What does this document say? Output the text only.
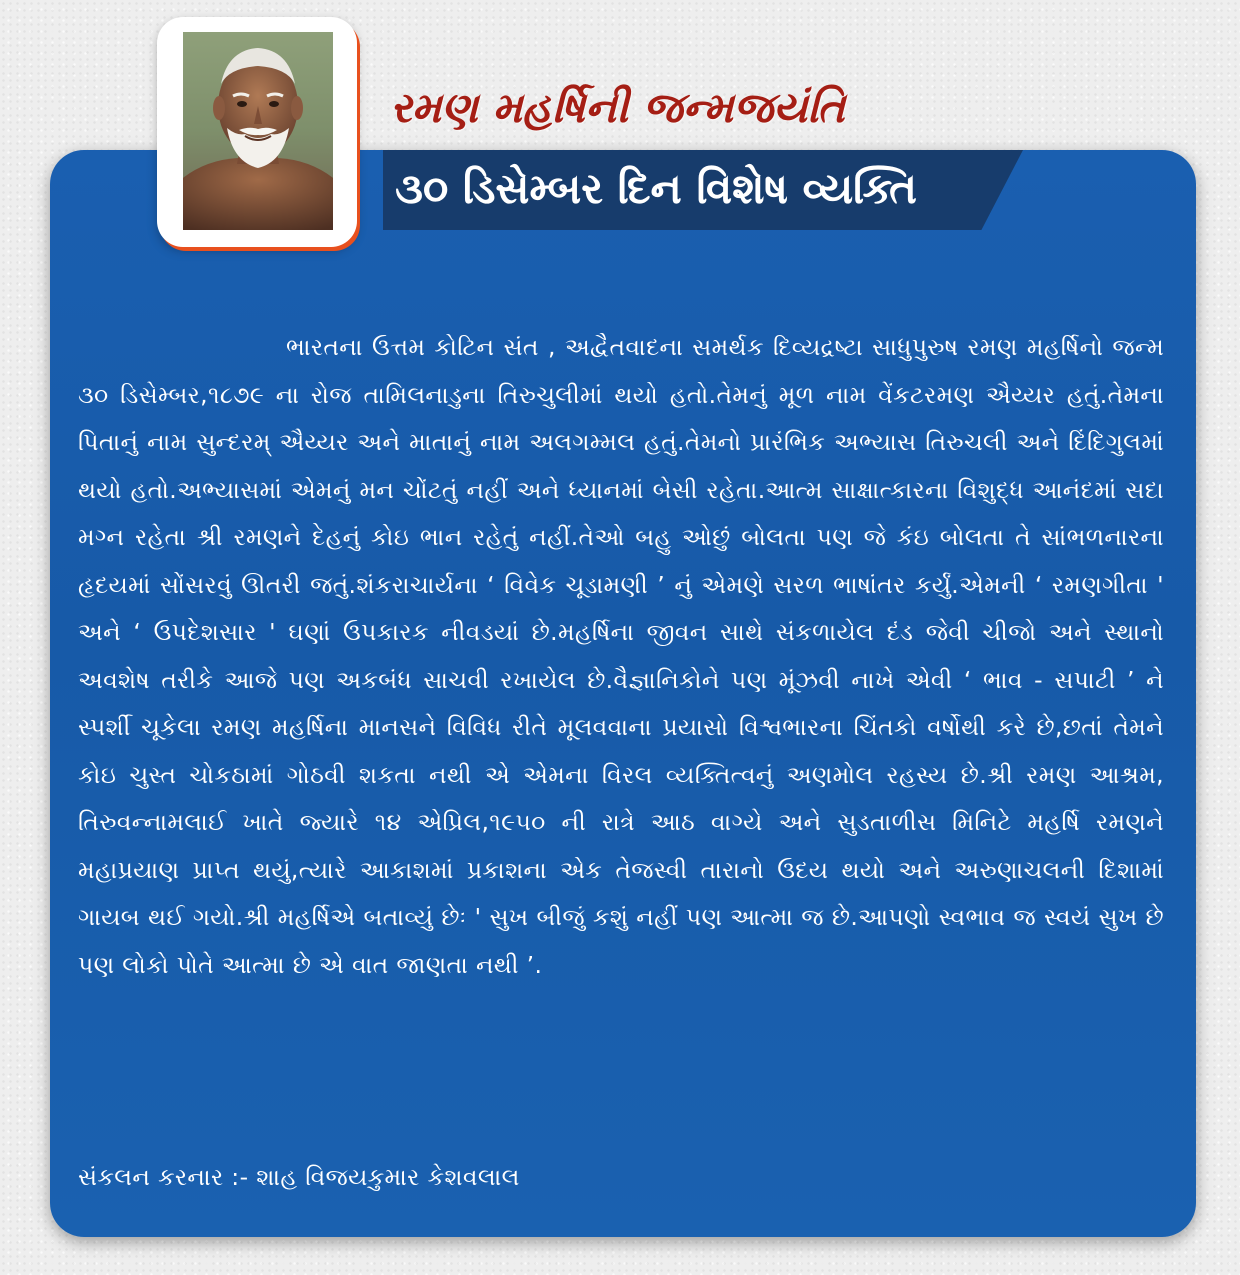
૩૦ ડિસેમ્બર દિન વિશેષ વ્યક્તિ
રમણ મહર્ષિની જન્મજયંતિ

ભારતના ઉત્તમ કોટિન સંત , અદ્વૈતવાદના સમર્થક દિવ્યદ્રષ્ટા સાધુપુરુષ રમણ મહર્ષિનો જન્મ ૩૦ ડિસેમ્બર,૧૮૭૯ ના રોજ તામિલનાડુના તિરુચુલીમાં થયો હતો.તેમનું મૂળ નામ વેંકટરમણ ઐય્યર હતું.તેમના પિતાનું નામ સુન્દરમ્ ઐય્યર અને માતાનું નામ અલગમ્મલ હતું.તેમનો પ્રારંભિક અભ્યાસ તિરુચલી અને દિંદિગુલમાં થયો હતો.અભ્યાસમાં એમનું મન ચોંટતું નહીં અને ધ્યાનમાં બેસી રહેતા.આત્મ સાક્ષાત્કારના વિશુદ્ધ આનંદમાં સદા મગ્ન રહેતા શ્રી રમણને દેહનું કોઇ ભાન રહેતું નહીં.તેઓ બહુ ઓછું બોલતા પણ જે કંઇ બોલતા તે સાંભળનારના હૃદયમાં સોંસરવું ઊતરી જતું.શંકરાચાર્યના ‘ વિવેક ચૂડામણી ’ નું એમણે સરળ ભાષાંતર કર્યું.એમની ‘ રમણગીતા ' અને ‘ ઉપદેશસાર ' ઘણાં ઉપકારક નીવડયાં છે.મહર્ષિના જીવન સાથે સંકળાયેલ દંડ જેવી ચીજો અને સ્થાનો અવશેષ તરીકે આજે પણ અકબંધ સાચવી રખાયેલ છે.વૈજ્ઞાનિકોને પણ મૂંઝવી નાખે એવી ‘ ભાવ - સપાટી ’ ને સ્પર્શી ચૂકેલા રમણ મહર્ષિના માનસને વિવિધ રીતે મૂલવવાના પ્રયાસો વિશ્વભારના ચિંતકો વર્ષોથી કરે છે,છતાં તેમને કોઇ ચુસ્ત ચોકઠામાં ગોઠવી શકતા નથી એ એમના વિરલ વ્યક્તિત્વનું અણમોલ રહસ્ય છે.શ્રી રમણ આશ્રમ, તિરુવન્નામલાઈ ખાતે જ્યારે ૧૪ એપ્રિલ,૧૯૫૦ ની રાત્રે આઠ વાગ્યે અને સુડતાળીસ મિનિટે મહર્ષિ રમણને મહાપ્રયાણ પ્રાપ્ત થયું,ત્યારે આકાશમાં પ્રકાશના એક તેજસ્વી તારાનો ઉદય થયો અને અરુણાચલની દિશામાં ગાયબ થઈ ગયો.શ્રી મહર્ષિએ બતાવ્યું છેઃ ' સુખ બીજું કશું નહીં પણ આત્મા જ છે.આપણો સ્વભાવ જ સ્વયં સુખ છે પણ લોકો પોતે આત્મા છે એ વાત જાણતા નથી ’.

સંકલન કરનાર :- શાહ વિજયકુમાર કેશવલાલ
